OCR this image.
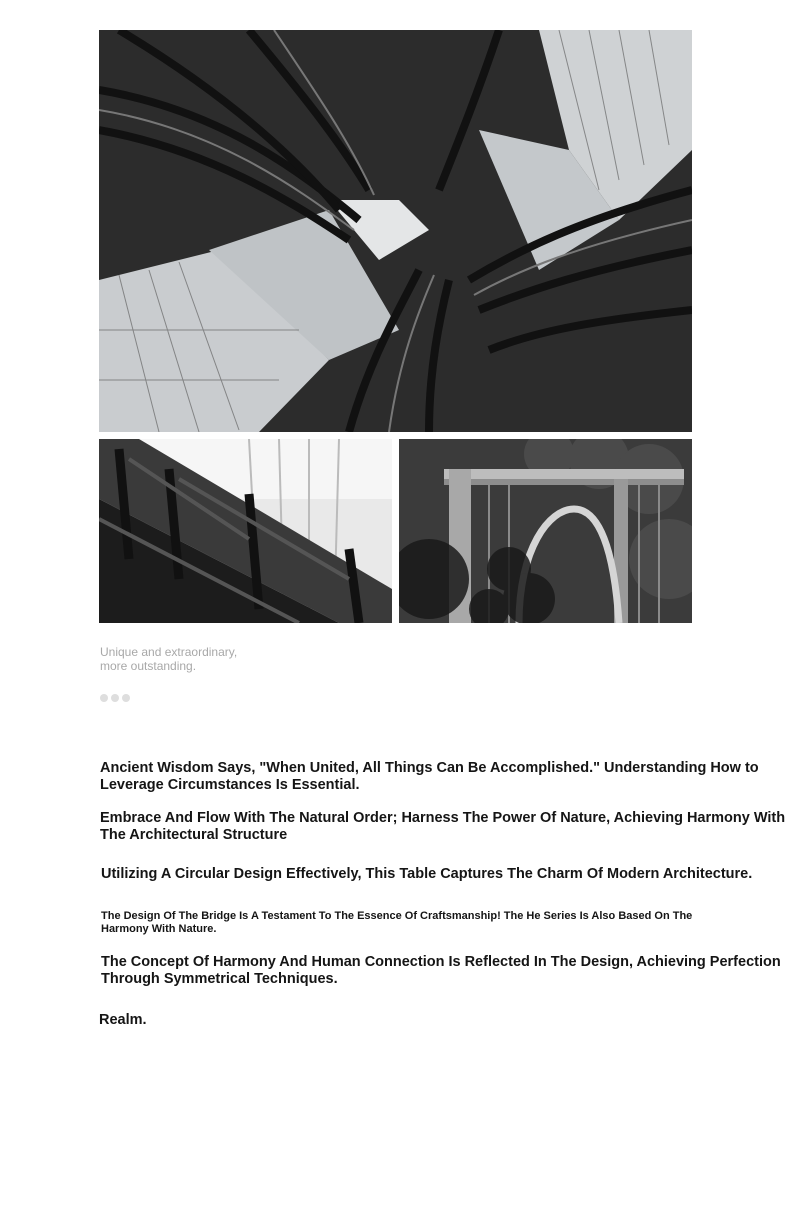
Unique and extraordinary,
more outstanding.
Ancient Wisdom Says, "When United, All Things Can Be Accomplished." Understanding How to Leverage Circumstances Is Essential.
Embrace And Flow With The Natural Order; Harness The Power Of Nature, Achieving Harmony With The Architectural Structure
Utilizing A Circular Design Effectively, This Table Captures The Charm Of Modern Architecture.
The Design Of The Bridge Is A Testament To The Essence Of Craftsmanship! The He Series Is Also Based On The Harmony With Nature.
The Concept Of Harmony And Human Connection Is Reflected In The Design, Achieving Perfection Through Symmetrical Techniques.
Realm.
